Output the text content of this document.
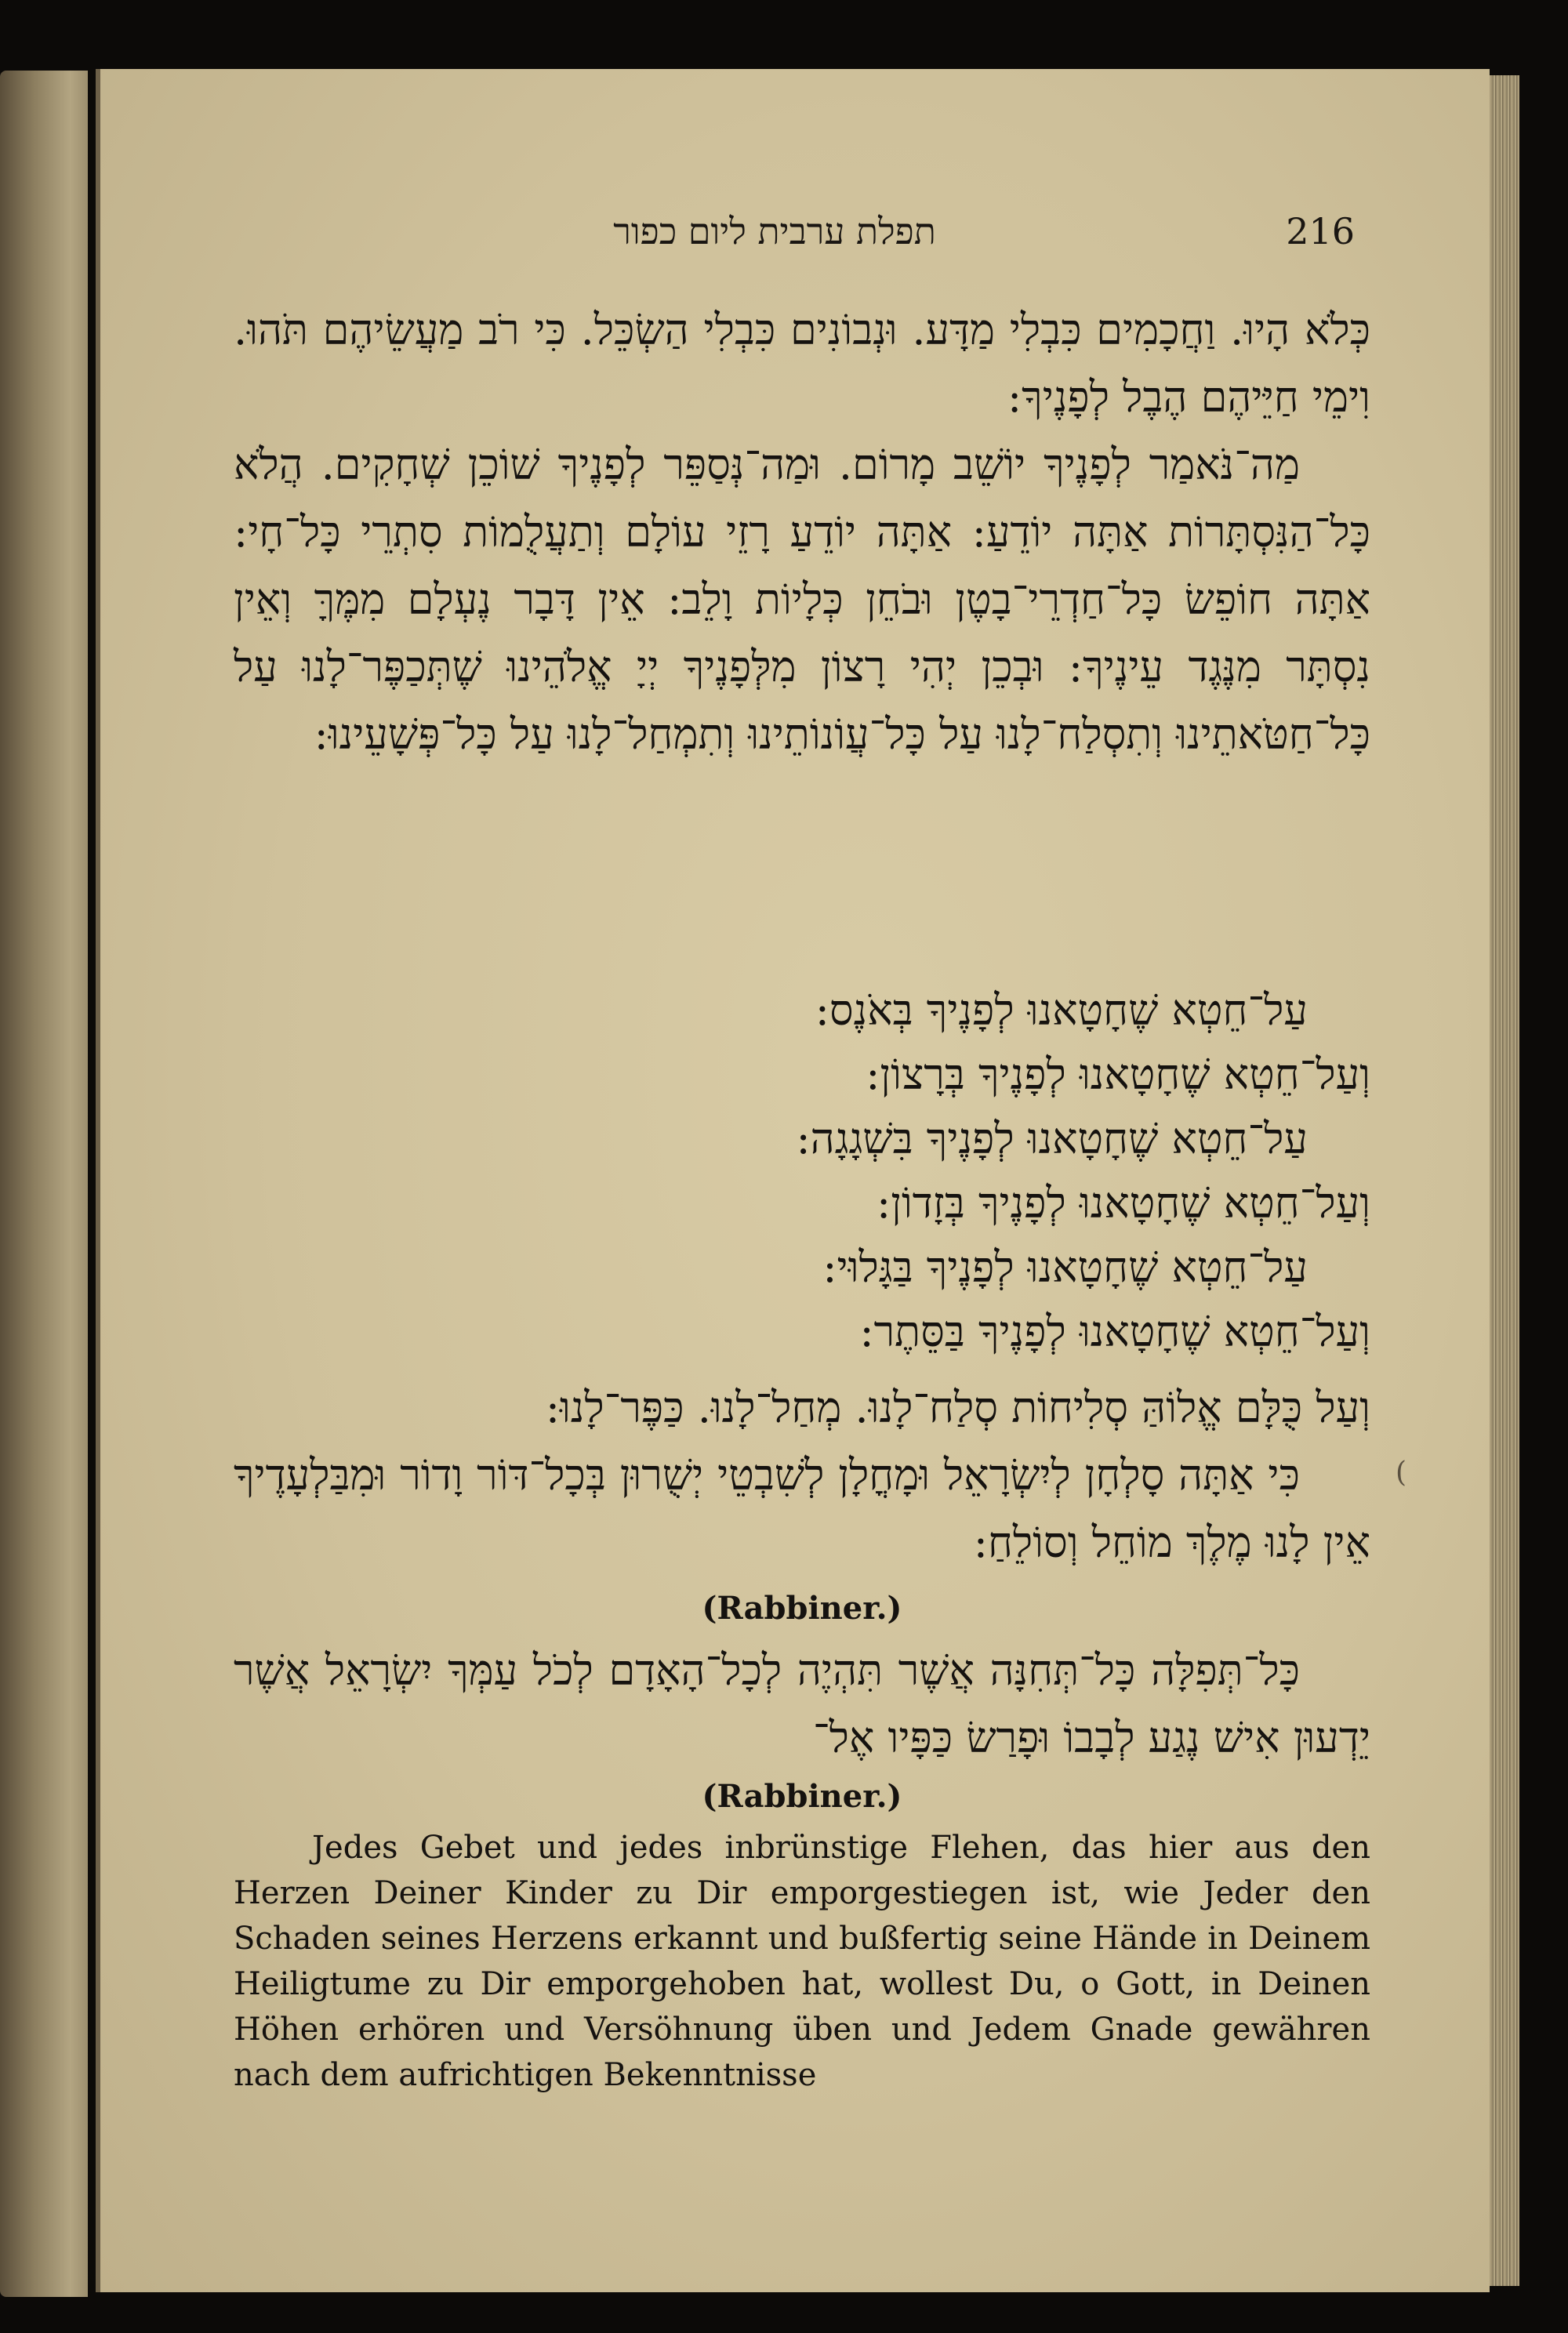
תפלת ערבית ליום כפור	216

כְּלֹא הָיוּ. וַחֲכָמִים כִּבְלִי מַדָּע. וּנְבוֹנִים כִּבְלִי הַשְׂכֵּל. כִּי רֹב מַעֲשֵׂיהֶם תֹּהוּ. וִימֵי חַיֵּיהֶם הֶבֶל לְפָנֶיךָ:

מַה־נֹּאמַר לְפָנֶיךָ יוֹשֵׁב מָרוֹם. וּמַה־נְּסַפֵּר לְפָנֶיךָ שׁוֹכֵן שְׁחָקִים. הֲלֹא כָּל־הַנִּסְתָּרוֹת אַתָּה יוֹדֵעַ: אַתָּה יוֹדֵעַ רָזֵי עוֹלָם וְתַעֲלֻמוֹת סִתְרֵי כָּל־חָי: אַתָּה חוֹפֵשׂ כָּל־חַדְרֵי־בָטֶן וּבֹחֵן כְּלָיוֹת וָלֵב: אֵין דָּבָר נֶעְלָם מִמֶּךָּ וְאֵין נִסְתָּר מִנֶּגֶד עֵינֶיךָ: וּבְכֵן יְהִי רָצוֹן מִלְּפָנֶיךָ יְיָ אֱלֹהֵינוּ שֶׁתְּכַפֶּר־לָנוּ עַל כָּל־חַטֹּאתֵינוּ וְתִסְלַח־לָנוּ עַל כָּל־עֲוֹנוֹתֵינוּ וְתִמְחַל־לָנוּ עַל כָּל־פְּשָׁעֵינוּ:

עַל־חֵטְא שֶׁחָטָאנוּ לְפָנֶיךָ בְּאֹנֶס:
וְעַל־חֵטְא שֶׁחָטָאנוּ לְפָנֶיךָ בְּרָצוֹן:
עַל־חֵטְא שֶׁחָטָאנוּ לְפָנֶיךָ בִּשְׁגָגָה:
וְעַל־חֵטְא שֶׁחָטָאנוּ לְפָנֶיךָ בְּזָדוֹן:
עַל־חֵטְא שֶׁחָטָאנוּ לְפָנֶיךָ בַּגָּלוּי:
וְעַל־חֵטְא שֶׁחָטָאנוּ לְפָנֶיךָ בַּסֵּתֶר:

וְעַל כֻּלָּם אֱלוֹהַּ סְלִיחוֹת סְלַח־לָנוּ. מְחַל־לָנוּ. כַּפֶּר־לָנוּ:

כִּי אַתָּה סָלְחָן לְיִשְׂרָאֵל וּמָחֳלָן לְשִׁבְטֵי יְשֻׁרוּן בְּכָל־דּוֹר וָדוֹר וּמִבַּלְעָדֶיךָ אֵין לָנוּ מֶלֶךְ מוֹחֵל וְסוֹלֵחַ:

(
(Rabbiner.)

כָּל־תְּפִלָּה כָּל־תְּחִנָּה אֲשֶׁר תִּהְיֶה לְכָל־הָאָדָם לְכֹל עַמְּךָ יִשְׂרָאֵל אֲשֶׁר יֵדְעוּן אִישׁ נֶגַע לְבָבוֹ וּפָרַשׂ כַּפָּיו אֶל־

(Rabbiner.)

Jedes Gebet und jedes inbrünstige Flehen, das hier aus den Herzen Deiner Kinder zu Dir emporgestiegen ist, wie Jeder den Schaden seines Herzens erkannt und bußfertig seine Hände in Deinem Heiligtume zu Dir emporgehoben hat, wollest Du, o Gott, in Deinen Höhen erhören und Versöhnung üben und Jedem Gnade gewähren nach dem aufrichtigen Bekenntnisse
